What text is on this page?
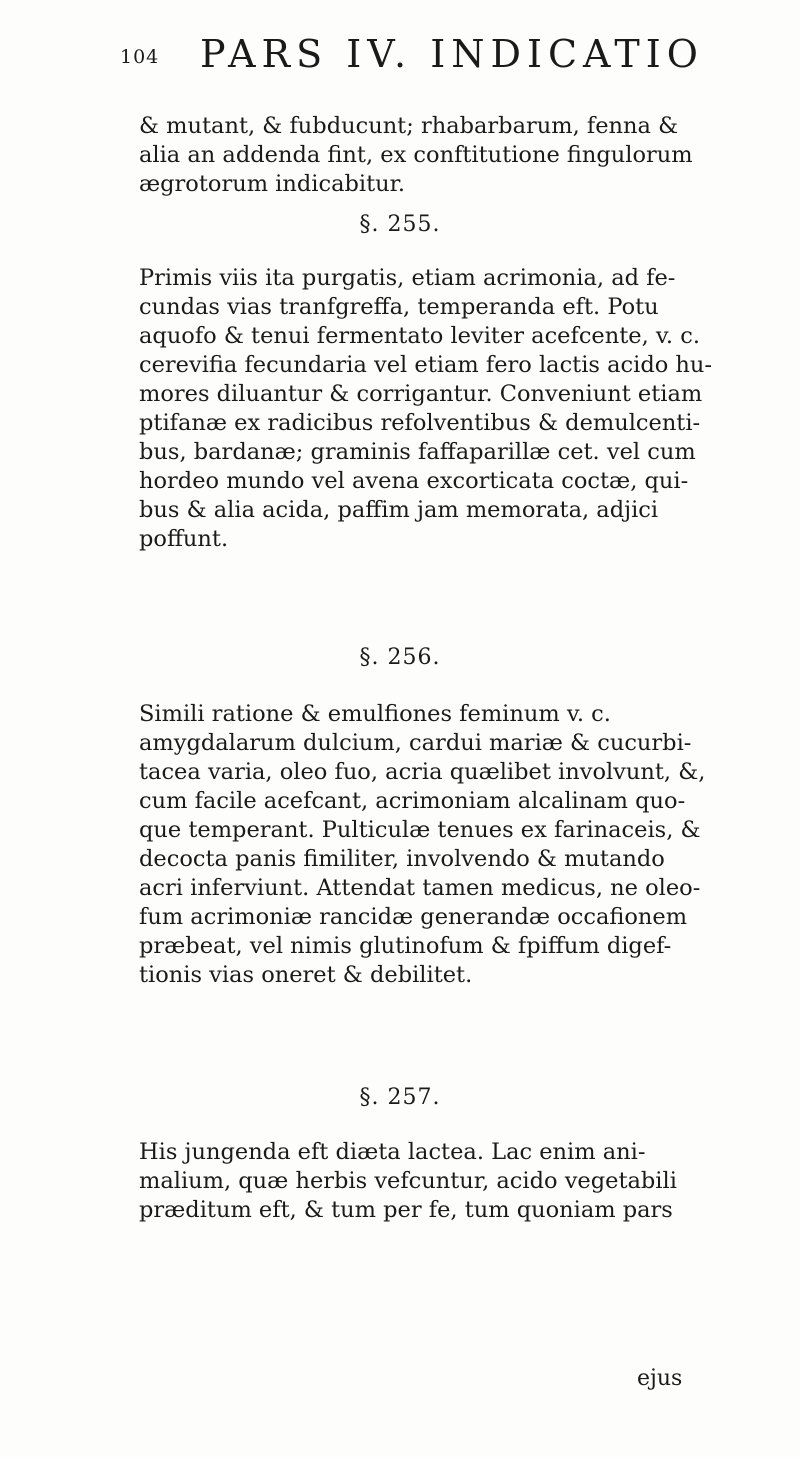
104 PARS IV. INDICATIO
& mutant, & fubducunt; rhabarbarum, fenna &
alia an addenda fint, ex conftitutione fingulorum
ægrotorum indicabitur.
§. 255.
Primis viis ita purgatis, etiam acrimonia, ad fe-
cundas vias tranfgreffa, temperanda eft. Potu
aquofo & tenui fermentato leviter acefcente, v. c.
cerevifia fecundaria vel etiam fero lactis acido hu-
mores diluantur & corrigantur. Conveniunt etiam
ptifanæ ex radicibus refolventibus & demulcenti-
bus, bardanæ; graminis faffaparillæ cet. vel cum
hordeo mundo vel avena excorticata coctæ, qui-
bus & alia acida, paffim jam memorata, adjici
poffunt.
§. 256.
Simili ratione & emulfiones feminum v. c.
amygdalarum dulcium, cardui mariæ & cucurbi-
tacea varia, oleo fuo, acria quælibet involvunt, &,
cum facile acefcant, acrimoniam alcalinam quo-
que temperant. Pulticulæ tenues ex farinaceis, &
decocta panis fimiliter, involvendo & mutando
acri inferviunt. Attendat tamen medicus, ne oleo-
fum acrimoniæ rancidæ generandæ occafionem
præbeat, vel nimis glutinofum & fpiffum digef-
tionis vias oneret & debilitet.
§. 257.
His jungenda eft diæta lactea. Lac enim ani-
malium, quæ herbis vefcuntur, acido vegetabili
præditum eft, & tum per fe, tum quoniam pars
ejus
